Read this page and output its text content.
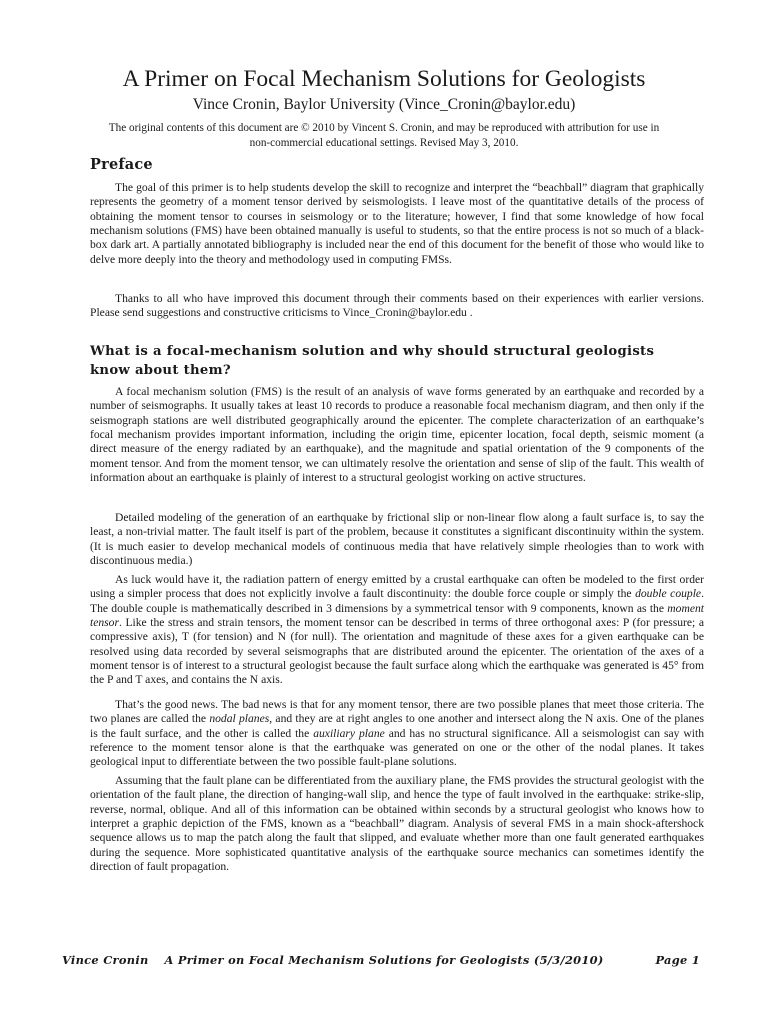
A Primer on Focal Mechanism Solutions for Geologists
Vince Cronin, Baylor University (Vince_Cronin@baylor.edu)
The original contents of this document are © 2010 by Vincent S. Cronin, and may be reproduced with attribution for use in non-commercial educational settings. Revised May 3, 2010.
Preface

The goal of this primer is to help students develop the skill to recognize and interpret the “beachball” diagram that graphically represents the geometry of a moment tensor derived by seismologists. I leave most of the quantitative details of the process of obtaining the moment tensor to courses in seismology or to the literature; however, I find that some knowledge of how focal mechanism solutions (FMS) have been obtained manually is useful to students, so that the entire process is not so much of a black-box dark art. A partially annotated bibliography is included near the end of this document for the benefit of those who would like to delve more deeply into the theory and methodology used in computing FMSs.

Thanks to all who have improved this document through their comments based on their experiences with earlier versions. Please send suggestions and constructive criticisms to Vince_Cronin@baylor.edu .

What is a focal-mechanism solution and why should structural geologists know about them?

A focal mechanism solution (FMS) is the result of an analysis of wave forms generated by an earthquake and recorded by a number of seismographs. It usually takes at least 10 records to produce a reasonable focal mechanism diagram, and then only if the seismograph stations are well distributed geographically around the epicenter. The complete characterization of an earthquake’s focal mechanism provides important information, including the origin time, epicenter location, focal depth, seismic moment (a direct measure of the energy radiated by an earthquake), and the magnitude and spatial orientation of the 9 components of the moment tensor. And from the moment tensor, we can ultimately resolve the orientation and sense of slip of the fault. This wealth of information about an earthquake is plainly of interest to a structural geologist working on active structures.

Detailed modeling of the generation of an earthquake by frictional slip or non-linear flow along a fault surface is, to say the least, a non-trivial matter. The fault itself is part of the problem, because it constitutes a significant discontinuity within the system. (It is much easier to develop mechanical models of continuous media that have relatively simple rheologies than to work with discontinuous media.)

As luck would have it, the radiation pattern of energy emitted by a crustal earthquake can often be modeled to the first order using a simpler process that does not explicitly involve a fault discontinuity: the double force couple or simply the double couple. The double couple is mathematically described in 3 dimensions by a symmetrical tensor with 9 components, known as the moment tensor. Like the stress and strain tensors, the moment tensor can be described in terms of three orthogonal axes: P (for pressure; a compressive axis), T (for tension) and N (for null). The orientation and magnitude of these axes for a given earthquake can be resolved using data recorded by several seismographs that are distributed around the epicenter. The orientation of the axes of a moment tensor is of interest to a structural geologist because the fault surface along which the earthquake was generated is 45° from the P and T axes, and contains the N axis.

That’s the good news. The bad news is that for any moment tensor, there are two possible planes that meet those criteria. The two planes are called the nodal planes, and they are at right angles to one another and intersect along the N axis. One of the planes is the fault surface, and the other is called the auxiliary plane and has no structural significance. All a seismologist can say with reference to the moment tensor alone is that the earthquake was generated on one or the other of the nodal planes. It takes geological input to differentiate between the two possible fault-plane solutions.

Assuming that the fault plane can be differentiated from the auxiliary plane, the FMS provides the structural geologist with the orientation of the fault plane, the direction of hanging-wall slip, and hence the type of fault involved in the earthquake: strike-slip, reverse, normal, oblique. And all of this information can be obtained within seconds by a structural geologist who knows how to interpret a graphic depiction of the FMS, known as a “beachball” diagram. Analysis of several FMS in a main shock-aftershock sequence allows us to map the patch along the fault that slipped, and evaluate whether more than one fault generated earthquakes during the sequence. More sophisticated quantitative analysis of the earthquake source mechanics can sometimes identify the direction of fault propagation.

Vince Cronin	A Primer on Focal Mechanism Solutions for Geologists (5/3/2010)	Page 1
